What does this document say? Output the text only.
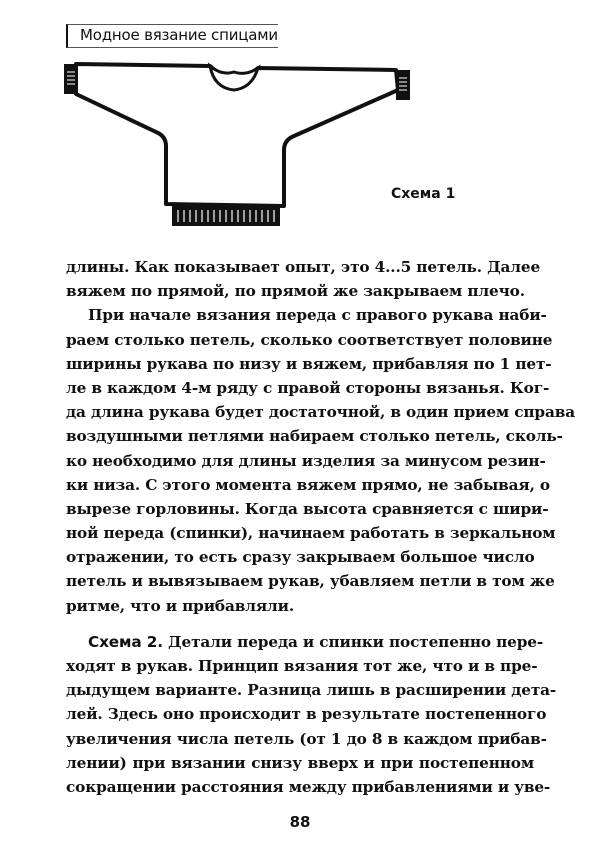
Модное вязание спицами
Схема 1
длины. Как показывает опыт, это 4...5 петель. Далее
вяжем по прямой, по прямой же закрываем плечо.
При начале вязания переда с правого рукава наби-
раем столько петель, сколько соответствует половине
ширины рукава по низу и вяжем, прибавляя по 1 пет-
ле в каждом 4-м ряду с правой стороны вязанья. Ког-
да длина рукава будет достаточной, в один прием справа
воздушными петлями набираем столько петель, сколь-
ко необходимо для длины изделия за минусом резин-
ки низа. С этого момента вяжем прямо, не забывая, о
вырезе горловины. Когда высота сравняется с шири-
ной переда (спинки), начинаем работать в зеркальном
отражении, то есть сразу закрываем большое число
петель и вывязываем рукав, убавляем петли в том же
ритме, что и прибавляли.
Схема 2. Детали переда и спинки постепенно пере-
ходят в рукав. Принцип вязания тот же, что и в пре-
дыдущем варианте. Разница лишь в расширении дета-
лей. Здесь оно происходит в результате постепенного
увеличения числа петель (от 1 до 8 в каждом прибав-
лении) при вязании снизу вверх и при постепенном
сокращении расстояния между прибавлениями и уве-
88
